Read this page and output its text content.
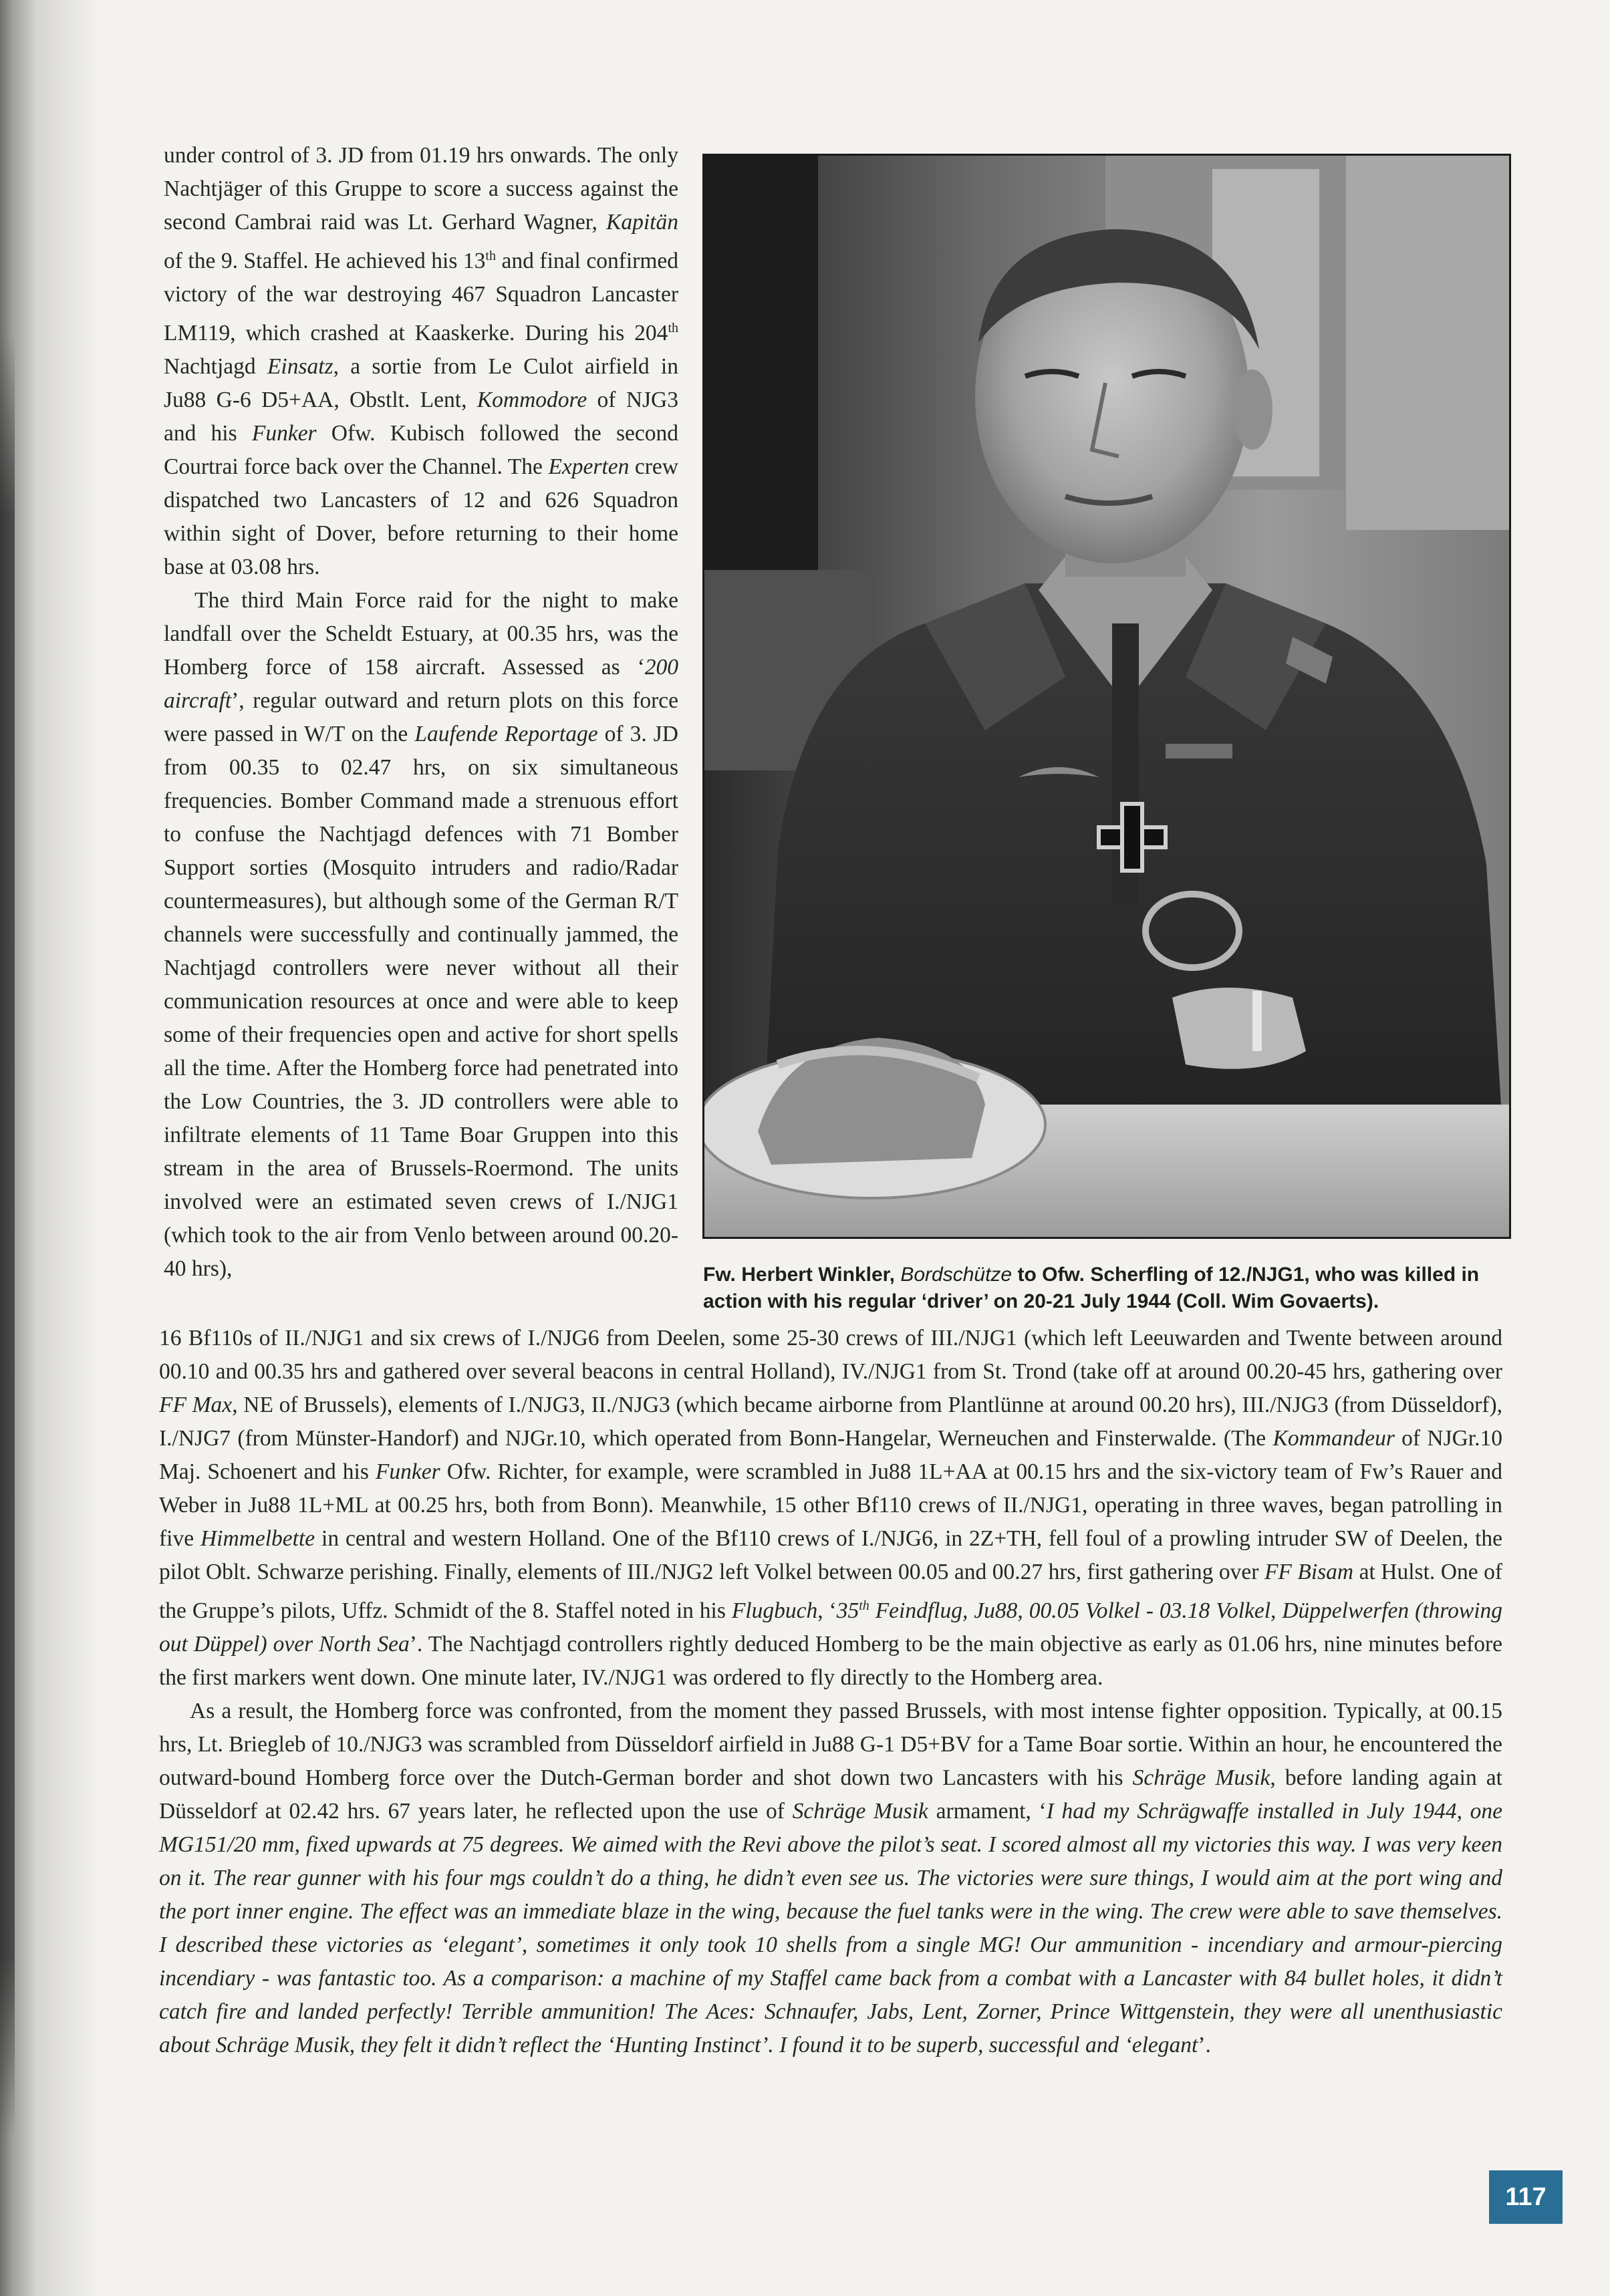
under control of 3. JD from 01.19 hrs onwards. The only Nachtjäger of this Gruppe to score a success against the second Cambrai raid was Lt. Gerhard Wagner, Kapitän of the 9. Staffel. He achieved his 13th and final confirmed victory of the war destroying 467 Squadron Lancaster LM119, which crashed at Kaaskerke. During his 204th Nachtjagd Einsatz, a sortie from Le Culot airfield in Ju88 G-6 D5+AA, Obstlt. Lent, Kommodore of NJG3 and his Funker Ofw. Kubisch followed the second Courtrai force back over the Channel. The Experten crew dispatched two Lancasters of 12 and 626 Squadron within sight of Dover, before returning to their home base at 03.08 hrs.

The third Main Force raid for the night to make landfall over the Scheldt Estuary, at 00.35 hrs, was the Homberg force of 158 aircraft. Assessed as ‘200 aircraft’, regular outward and return plots on this force were passed in W/T on the Laufende Reportage of 3. JD from 00.35 to 02.47 hrs, on six simultaneous frequencies. Bomber Command made a strenuous effort to confuse the Nachtjagd defences with 71 Bomber Support sorties (Mosquito intruders and radio/Radar countermeasures), but although some of the German R/T channels were successfully and continually jammed, the Nachtjagd controllers were never without all their communication resources at once and were able to keep some of their frequencies open and active for short spells all the time. After the Homberg force had penetrated into the Low Countries, the 3. JD controllers were able to infiltrate elements of 11 Tame Boar Gruppen into this stream in the area of Brussels-Roermond. The units involved were an estimated seven crews of I./NJG1 (which took to the air from Venlo between around 00.20-40 hrs),	Fw. Herbert Winkler, Bordschütze to Ofw. Scherfling of 12./NJG1, who was killed in action with his regular ‘driver’ on 20-21 July 1944 (Coll. Wim Govaerts).

16 Bf110s of II./NJG1 and six crews of I./NJG6 from Deelen, some 25-30 crews of III./NJG1 (which left Leeuwarden and Twente between around 00.10 and 00.35 hrs and gathered over several beacons in central Holland), IV./NJG1 from St. Trond (take off at around 00.20-45 hrs, gathering over FF Max, NE of Brussels), elements of I./NJG3, II./NJG3 (which became airborne from Plantlünne at around 00.20 hrs), III./NJG3 (from Düsseldorf), I./NJG7 (from Münster-Handorf) and NJGr.10, which operated from Bonn-Hangelar, Werneuchen and Finsterwalde. (The Kommandeur of NJGr.10 Maj. Schoenert and his Funker Ofw. Richter, for example, were scrambled in Ju88 1L+AA at 00.15 hrs and the six-victory team of Fw’s Rauer and Weber in Ju88 1L+ML at 00.25 hrs, both from Bonn). Meanwhile, 15 other Bf110 crews of II./NJG1, operating in three waves, began patrolling in five Himmelbette in central and western Holland. One of the Bf110 crews of I./NJG6, in 2Z+TH, fell foul of a prowling intruder SW of Deelen, the pilot Oblt. Schwarze perishing. Finally, elements of III./NJG2 left Volkel between 00.05 and 00.27 hrs, first gathering over FF Bisam at Hulst. One of the Gruppe’s pilots, Uffz. Schmidt of the 8. Staffel noted in his Flugbuch, ‘35th Feindflug, Ju88, 00.05 Volkel - 03.18 Volkel, Düppelwerfen (throwing out Düppel) over North Sea’. The Nachtjagd controllers rightly deduced Homberg to be the main objective as early as 01.06 hrs, nine minutes before the first markers went down. One minute later, IV./NJG1 was ordered to fly directly to the Homberg area.

As a result, the Homberg force was confronted, from the moment they passed Brussels, with most intense fighter opposition. Typically, at 00.15 hrs, Lt. Briegleb of 10./NJG3 was scrambled from Düsseldorf airfield in Ju88 G-1 D5+BV for a Tame Boar sortie. Within an hour, he encountered the outward-bound Homberg force over the Dutch-German border and shot down two Lancasters with his Schräge Musik, before landing again at Düsseldorf at 02.42 hrs. 67 years later, he reflected upon the use of Schräge Musik armament, ‘I had my Schrägwaffe installed in July 1944, one MG151/20 mm, fixed upwards at 75 degrees. We aimed with the Revi above the pilot’s seat. I scored almost all my victories this way. I was very keen on it. The rear gunner with his four mgs couldn’t do a thing, he didn’t even see us. The victories were sure things, I would aim at the port wing and the port inner engine. The effect was an immediate blaze in the wing, because the fuel tanks were in the wing. The crew were able to save themselves. I described these victories as ‘elegant’, sometimes it only took 10 shells from a single MG! Our ammunition - incendiary and armour-piercing incendiary - was fantastic too. As a comparison: a machine of my Staffel came back from a combat with a Lancaster with 84 bullet holes, it didn’t catch fire and landed perfectly! Terrible ammunition! The Aces: Schnaufer, Jabs, Lent, Zorner, Prince Wittgenstein, they were all unenthusiastic about Schräge Musik, they felt it didn’t reflect the ‘Hunting Instinct’. I found it to be superb, successful and ‘elegant’.

117
